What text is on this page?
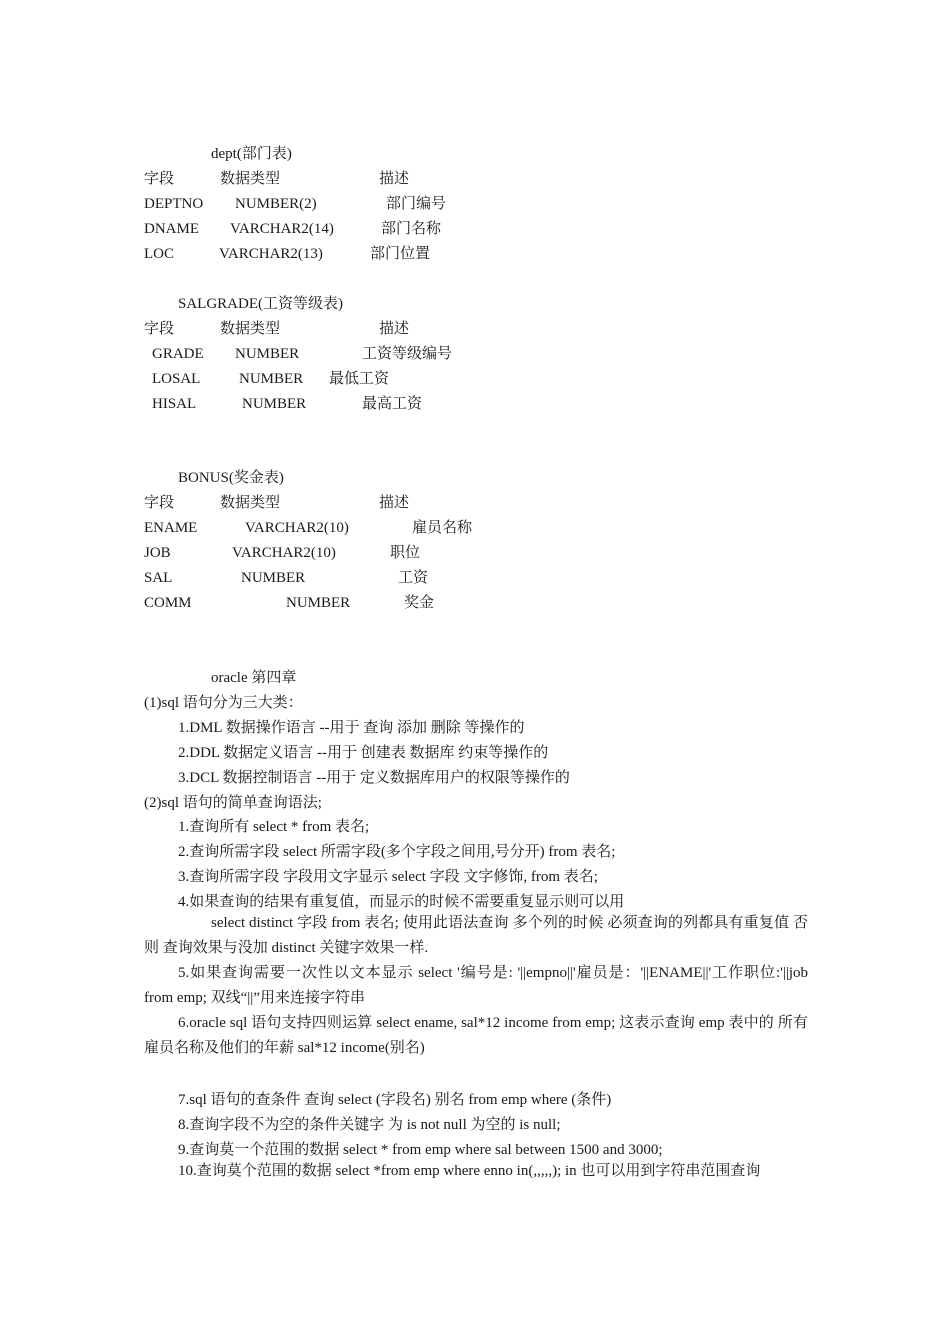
dept(部门表)
字段	数据类型	描述
DEPTNO NUMBER(2)	部门编号
DNAME VARCHAR2(14)	部门名称
LOC	VARCHAR2(13)	部门位置
SALGRADE(工资等级表)
字段	数据类型	描述
GRADE NUMBER	工资等级编号
LOSAL	NUMBER 最低工资
HISAL	NUMBER	最高工资
BONUS(奖金表)
字段	数据类型	描述
ENAME	VARCHAR2(10)	雇员名称
JOB	VARCHAR2(10)	职位
SAL	NUMBER	工资
COMM	NUMBER	奖金
oracle 第四章
(1)sql 语句分为三大类：
1.DML 数据操作语言 --用于 查询 添加 删除 等操作的
2.DDL 数据定义语言 --用于 创建表 数据库 约束等操作的
3.DCL 数据控制语言 --用于 定义数据库用户的权限等操作的
(2)sql 语句的简单查询语法;
1.查询所有 select * from 表名;
2.查询所需字段 select 所需字段(多个字段之间用,号分开) from 表名;
3.查询所需字段 字段用文字显示 select 字段 文字修饰, from 表名;
4.如果查询的结果有重复值，而显示的时候不需要重复显示则可以用
select distinct 字段 from 表名; 使用此语法查询 多个列的时候 必须查询的列都具有重复值 否则 查询效果与没加 distinct 关键字效果一样.
5.如果查询需要一次性以文本显示 select '编号是: '||empno||'雇员是：'||ENAME||'工作职位:'||job from emp; 双线“||”用来连接字符串
6.oracle sql 语句支持四则运算 select ename, sal*12 income from emp; 这表示查询 emp 表中的 所有雇员名称及他们的年薪 sal*12 income(别名)
7.sql 语句的查条件 查询 select (字段名) 别名 from emp where (条件)
8.查询字段不为空的条件关键字 为 is not null 为空的 is null;
9.查询莫一个范围的数据 select * from emp where sal between 1500 and 3000;
10.查询莫个范围的数据 select *from emp where enno in(,,,,,); in 也可以用到字符串范围查询
